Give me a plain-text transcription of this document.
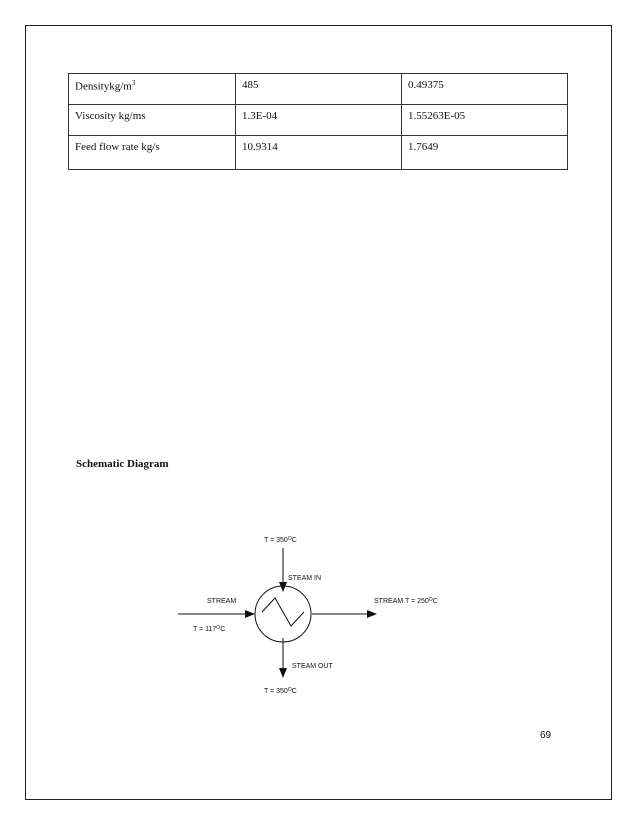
Densitykg/$m^3$	485	0.49375
Viscosity kg/ms	1.3E-04	1.55263E-05
Feed flow rate kg/s	10.9314	1.7649
Schematic Diagram
$T = 350^OC$
STEAM IN
STREAM
$T = 117^OC$
STREAM $T = 250^OC$
STEAM OUT
$T = 350^OC$
69
